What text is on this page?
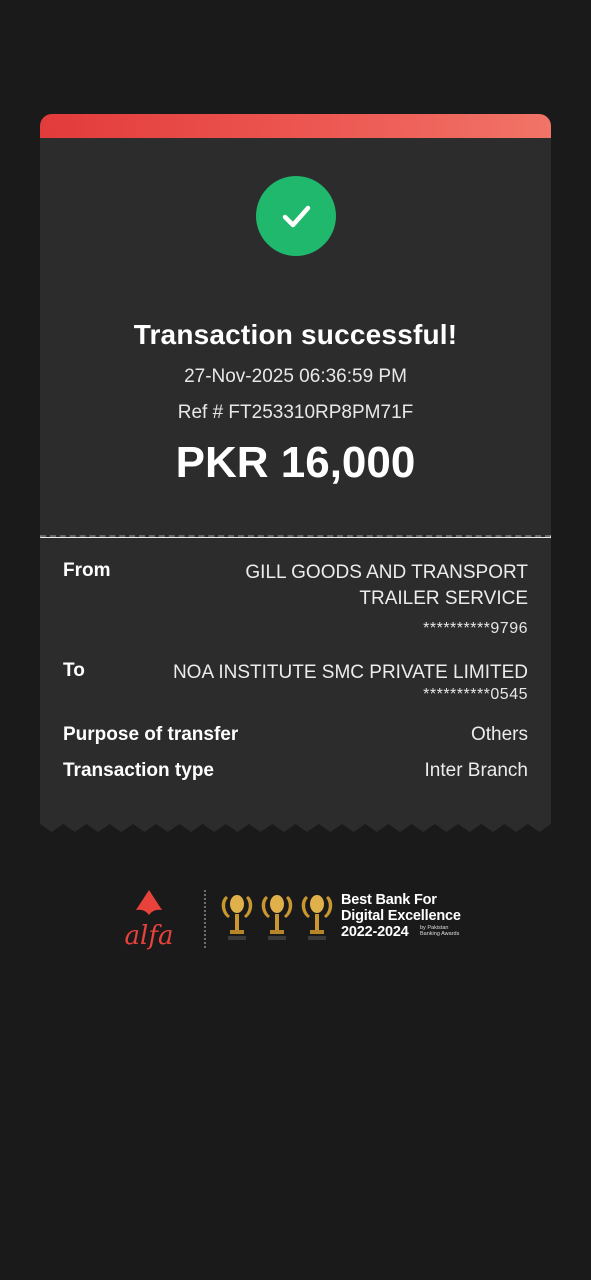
Transaction successful!
27-Nov-2025 06:36:59 PM
Ref # FT253310RP8PM71F
PKR 16,000
From	GILL GOODS AND TRANSPORT
TRAILER SERVICE
**********9796
To	NOA INSTITUTE SMC PRIVATE LIMITED
**********0545
Purpose of transfer	Others
Transaction type	Inter Branch
alfa
Best Bank For
Digital Excellence
2022-2024	by Pakistan
Banking Awards
